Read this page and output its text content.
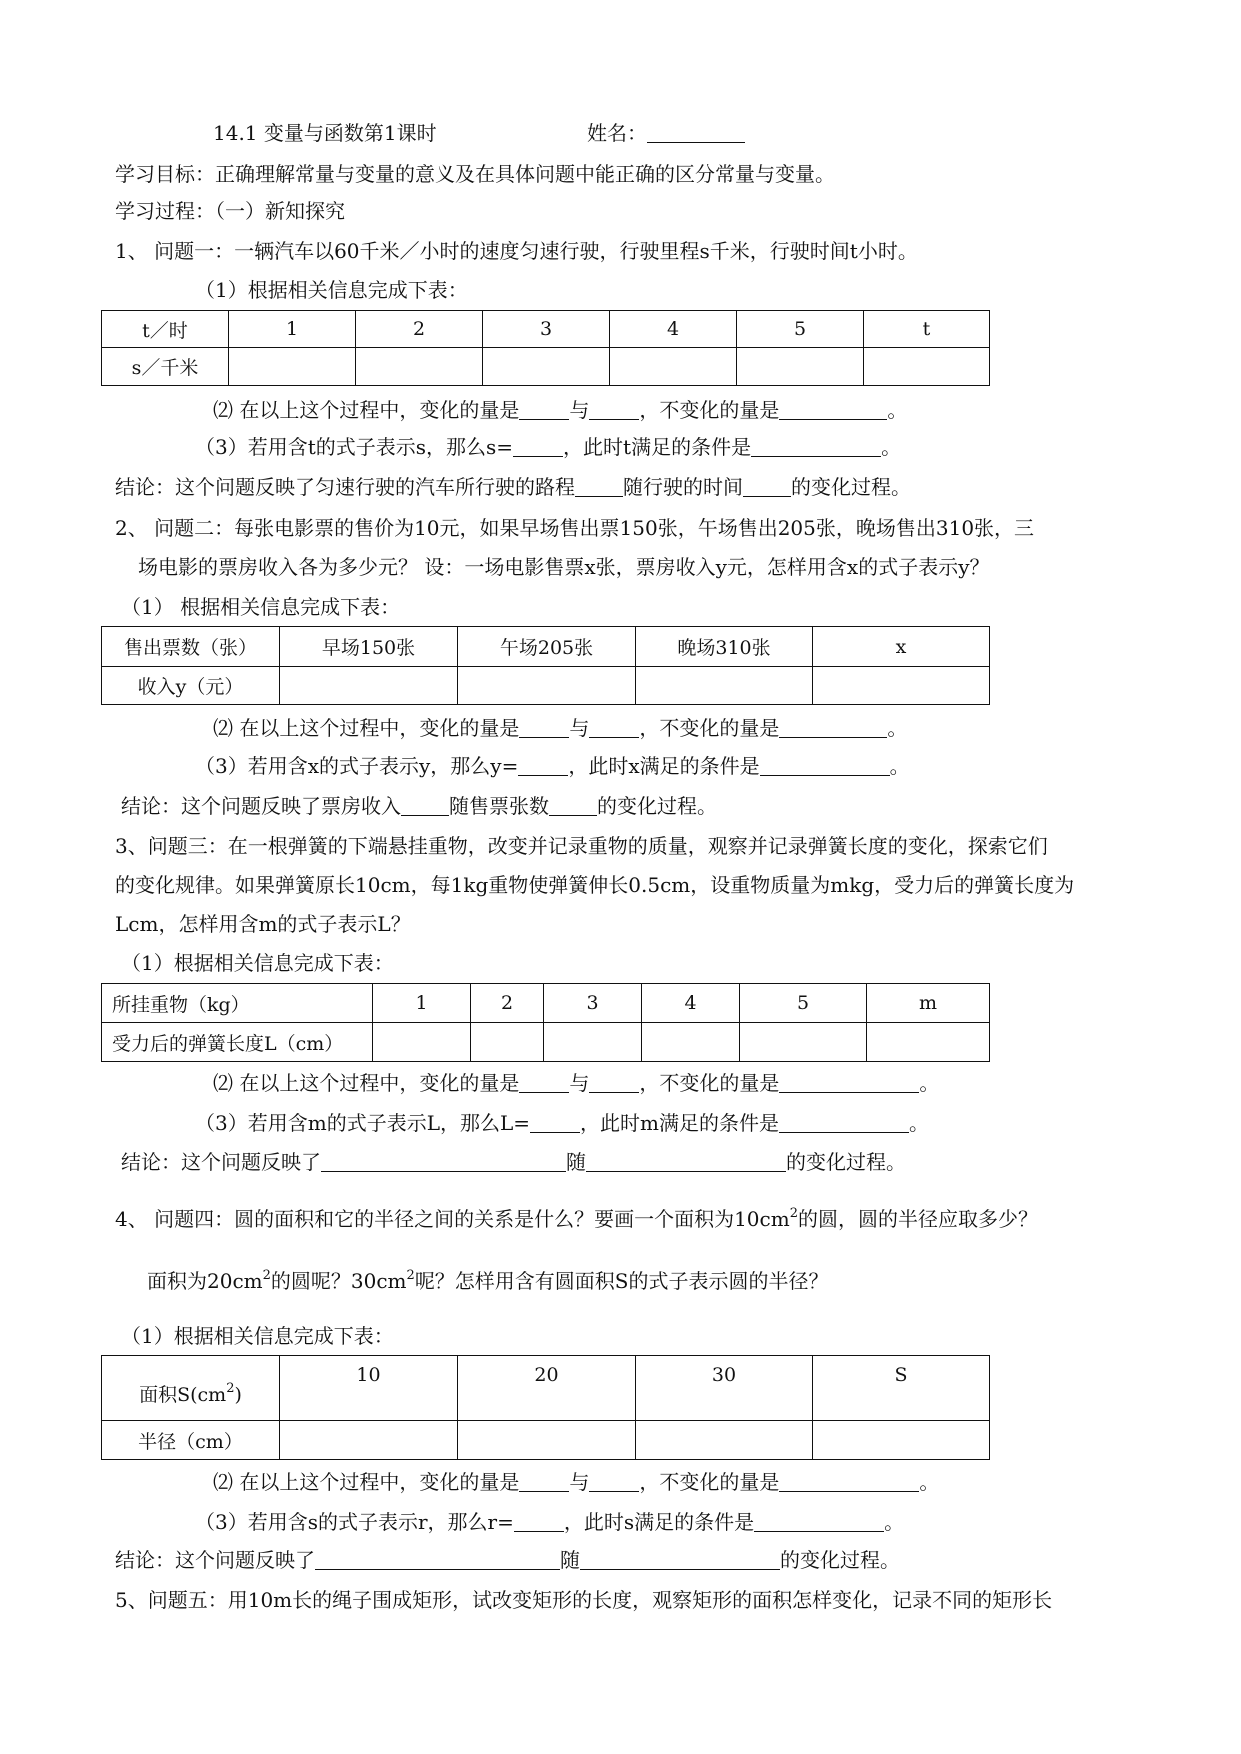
14.1 变量与函数第1课时	姓名：
学习目标：正确理解常量与变量的意义及在具体问题中能正确的区分常量与变量。
学习过程：（一）新知探究
1、 问题一：一辆汽车以60千米／小时的速度匀速行驶，行驶里程s千米，行驶时间t小时。
（1）根据相关信息完成下表：
t／时	1	2	3	4	5	t
s／千米						
⑵ 在以上这个过程中，变化的量是	与	，不变化的量是	。
（3）若用含t的式子表示s，那么s=	，此时t满足的条件是	。
结论：这个问题反映了匀速行驶的汽车所行驶的路程 随行驶的时间 的变化过程。
2、 问题二：每张电影票的售价为10元，如果早场售出票150张，午场售出205张，晚场售出310张，三
场电影的票房收入各为多少元？ 设：一场电影售票x张，票房收入y元，怎样用含x的式子表示y？
（1） 根据相关信息完成下表：
售出票数（张）	早场150张	午场205张	晚场310张	x
收入y（元）				
⑵ 在以上这个过程中，变化的量是	与	，不变化的量是	。
（3）若用含x的式子表示y，那么y=	，此时x满足的条件是	。
结论：这个问题反映了票房收入 随售票张数 的变化过程。
3、问题三：在一根弹簧的下端悬挂重物，改变并记录重物的质量，观察并记录弹簧长度的变化，探索它们
的变化规律。如果弹簧原长10cm，每1kg重物使弹簧伸长0.5cm，设重物质量为mkg，受力后的弹簧长度为
Lcm，怎样用含m的式子表示L？
（1）根据相关信息完成下表：
所挂重物（kg）	1	2	3	4	5	m
受力后的弹簧长度L（cm）						
⑵ 在以上这个过程中，变化的量是	与	，不变化的量是	。
（3）若用含m的式子表示L，那么L=	，此时m满足的条件是	。
结论：这个问题反映了	随	的变化过程。
4、 问题四：圆的面积和它的半径之间的关系是什么？要画一个面积为$10cm^2$的圆，圆的半径应取多少？
面积为$20cm^2$的圆呢？$30cm^2$呢？怎样用含有圆面积S的式子表示圆的半径？
（1）根据相关信息完成下表：
面积$S(cm^2)$	10	20	30	S
半径（cm）				
⑵ 在以上这个过程中，变化的量是	与	，不变化的量是	。
（3）若用含s的式子表示r，那么r=	，此时s满足的条件是	。
结论：这个问题反映了	随	的变化过程。
5、问题五：用10m长的绳子围成矩形，试改变矩形的长度，观察矩形的面积怎样变化，记录不同的矩形长
